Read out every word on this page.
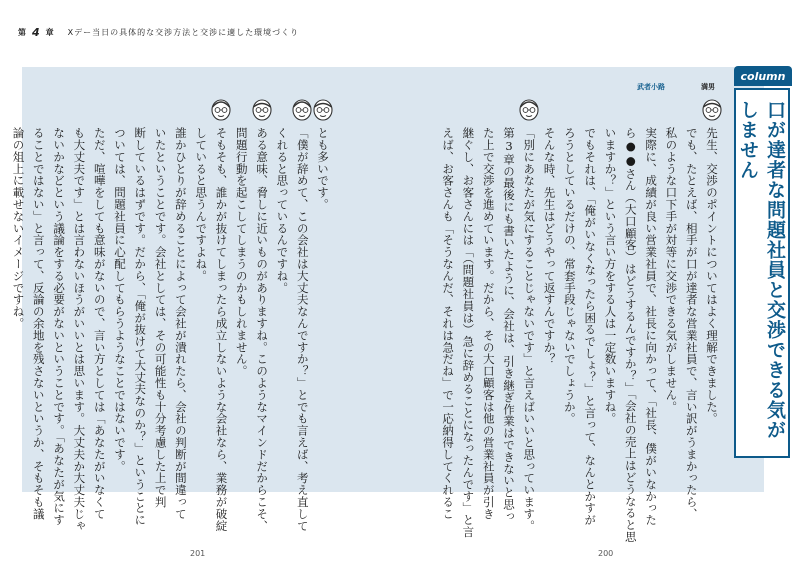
第 4 章 Xデー当日の具体的な交渉方法と交渉に適した環境づくり
column
口が達者な問題社員と交渉できる気がしません
満男
武者小路
先生、交渉のポイントについてはよく理解できました。
でも、たとえば、相手が口が達者な営業社員で、言い訳がうまかったら、
私のような口下手が対等に交渉できる気がしません。
実際に、成績が良い営業社員で、社長に向かって、「社長、僕がいなかった
ら●●さん（大口顧客）はどうするんですか？」「会社の売上はどうなると思
いますか？」という言い方をする人は一定数いますね。
でもそれは、「俺がいなくなったら困るでしょ？」と言って、なんとかすが
ろうとしているだけの、常套手段じゃないでしょうか。
そんな時、先生はどうやって返すんですか？
「別にあなたが気にすることじゃないです」と言えばいいと思っています。
第3章の最後にも書いたように、会社は、引き継ぎ作業はできないと思っ
た上で交渉を進めています。だから、その大口顧客は他の営業社員が引き
継ぐし、お客さんには「（問題社員は）急に辞めることになったんです」と言
えば、お客さんも「そうなんだ、それは急だね」で一応納得してくれるこ
とも多いです。
「僕が辞めて、この会社は大丈夫なんですか？」とでも言えば、考え直して
くれると思っているんですね。
ある意味、脅しに近いものがありますね。このようなマインドだからこそ、
問題行動を起こしてしまうのかもしれません。
そもそも、誰かが抜けてしまったら成立しないような会社なら、業務が破綻
していると思うんですよね。
誰かひとりが辞めることによって会社が潰れたら、会社の判断が間違って
いたということです。会社としては、その可能性も十分考慮した上で判
断しているはずです。だから、「俺が抜けて大丈夫なのか？」ということに
ついては、問題社員に心配してもらうようなことではないです。
ただ、喧嘩をしても意味がないので、言い方としては「あなたがいなくて
も大丈夫です」とは言わないほうがいいとは思います。大丈夫か大丈夫じゃ
ないかなどという議論をする必要がないということです。「あなたが気にす
ることではない」と言って、反論の余地を残さないというか、そもそも議
論の俎上に載せないイメージですね。
200
201
